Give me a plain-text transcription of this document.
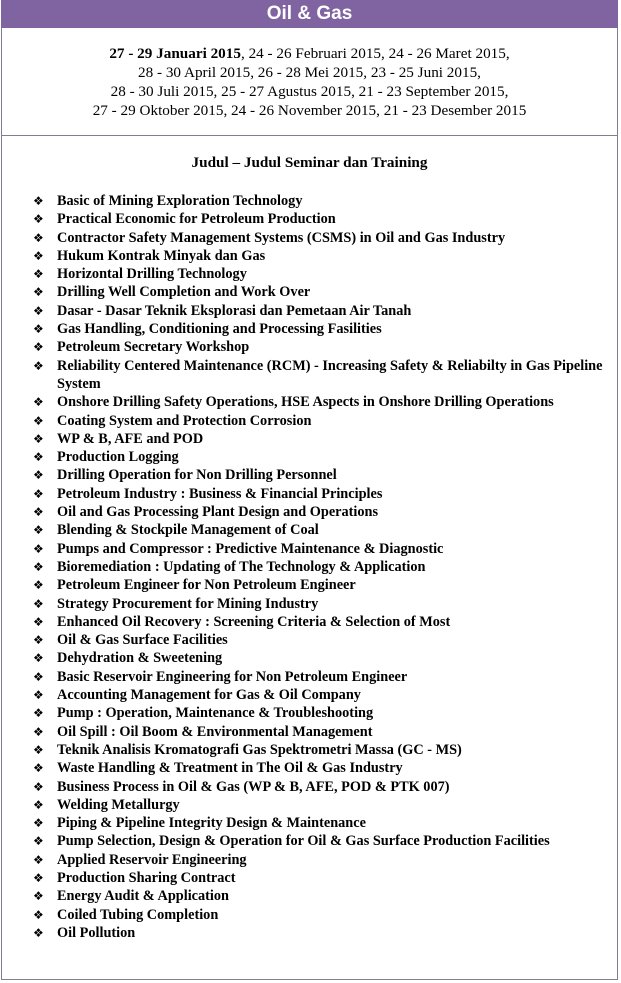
Oil & Gas
27 - 29 Januari 2015, 24 - 26 Februari 2015, 24 - 26 Maret 2015,
28 - 30 April 2015, 26 - 28 Mei 2015, 23 - 25 Juni 2015,
28 - 30 Juli 2015, 25 - 27 Agustus 2015, 21 - 23 September 2015,
27 - 29 Oktober 2015, 24 - 26 November 2015, 21 - 23 Desember 2015
Judul – Judul Seminar dan Training
❖ Basic of Mining Exploration Technology
❖ Practical Economic for Petroleum Production
❖ Contractor Safety Management Systems (CSMS) in Oil and Gas Industry
❖ Hukum Kontrak Minyak dan Gas
❖ Horizontal Drilling Technology
❖ Drilling Well Completion and Work Over
❖ Dasar - Dasar Teknik Eksplorasi dan Pemetaan Air Tanah
❖ Gas Handling, Conditioning and Processing Fasilities
❖ Petroleum Secretary Workshop
❖ Reliability Centered Maintenance (RCM) - Increasing Safety & Reliabilty in Gas Pipeline System
❖ Onshore Drilling Safety Operations, HSE Aspects in Onshore Drilling Operations
❖ Coating System and Protection Corrosion
❖ WP & B, AFE and POD
❖ Production Logging
❖ Drilling Operation for Non Drilling Personnel
❖ Petroleum Industry : Business & Financial Principles
❖ Oil and Gas Processing Plant Design and Operations
❖ Blending & Stockpile Management of Coal
❖ Pumps and Compressor : Predictive Maintenance & Diagnostic
❖ Bioremediation : Updating of The Technology & Application
❖ Petroleum Engineer for Non Petroleum Engineer
❖ Strategy Procurement for Mining Industry
❖ Enhanced Oil Recovery : Screening Criteria & Selection of Most
❖ Oil & Gas Surface Facilities
❖ Dehydration & Sweetening
❖ Basic Reservoir Engineering for Non Petroleum Engineer
❖ Accounting Management for Gas & Oil Company
❖ Pump : Operation, Maintenance & Troubleshooting
❖ Oil Spill : Oil Boom & Environmental Management
❖ Teknik Analisis Kromatografi Gas Spektrometri Massa (GC - MS)
❖ Waste Handling & Treatment in The Oil & Gas Industry
❖ Business Process in Oil & Gas (WP & B, AFE, POD & PTK 007)
❖ Welding Metallurgy
❖ Piping & Pipeline Integrity Design & Maintenance
❖ Pump Selection, Design & Operation for Oil & Gas Surface Production Facilities
❖ Applied Reservoir Engineering
❖ Production Sharing Contract
❖ Energy Audit & Application
❖ Coiled Tubing Completion
❖ Oil Pollution
